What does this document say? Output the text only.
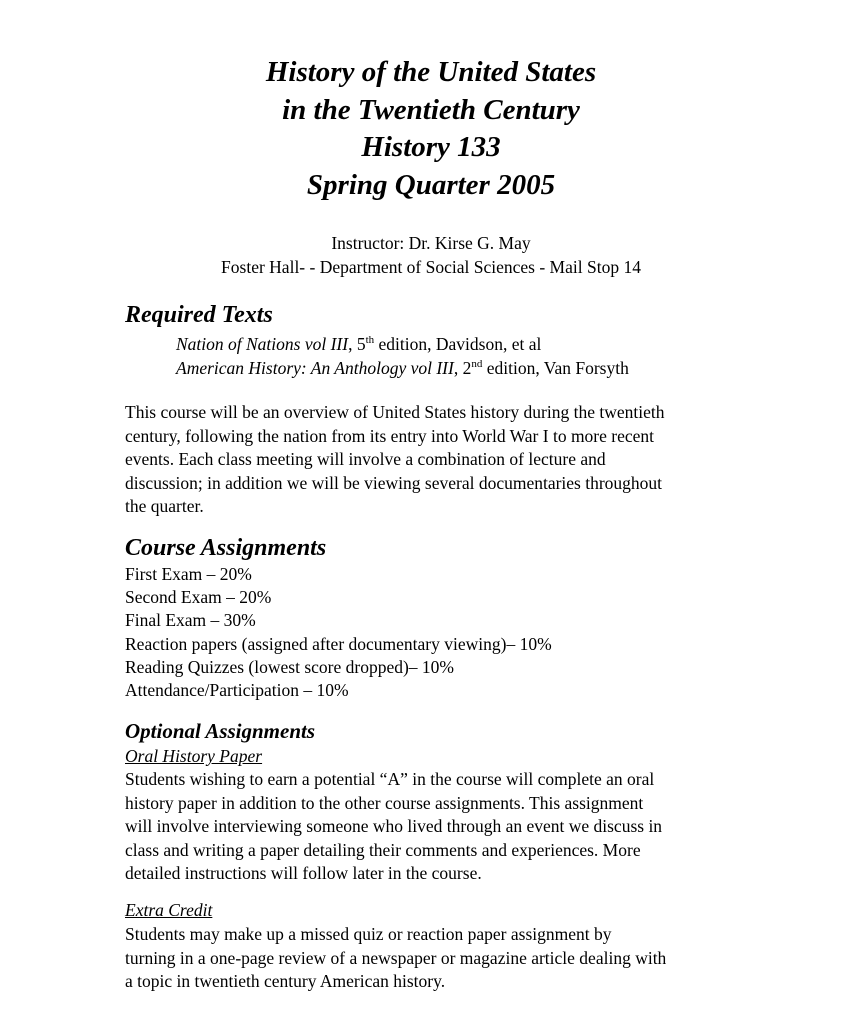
History of the United States
in the Twentieth Century
History 133
Spring Quarter 2005
Instructor: Dr. Kirse G. May
Foster Hall- - Department of Social Sciences - Mail Stop 14
Required Texts
Nation of Nations vol III, 5th edition, Davidson, et al
American History: An Anthology vol III, 2nd edition, Van Forsyth
This course will be an overview of United States history during the twentieth
century, following the nation from its entry into World War I to more recent
events. Each class meeting will involve a combination of lecture and
discussion; in addition we will be viewing several documentaries throughout
the quarter.
Course Assignments
First Exam – 20%
Second Exam – 20%
Final Exam – 30%
Reaction papers (assigned after documentary viewing)– 10%
Reading Quizzes (lowest score dropped)– 10%
Attendance/Participation – 10%
Optional Assignments
Oral History Paper
Students wishing to earn a potential “A” in the course will complete an oral
history paper in addition to the other course assignments. This assignment
will involve interviewing someone who lived through an event we discuss in
class and writing a paper detailing their comments and experiences. More
detailed instructions will follow later in the course.
Extra Credit
Students may make up a missed quiz or reaction paper assignment by
turning in a one-page review of a newspaper or magazine article dealing with
a topic in twentieth century American history.
